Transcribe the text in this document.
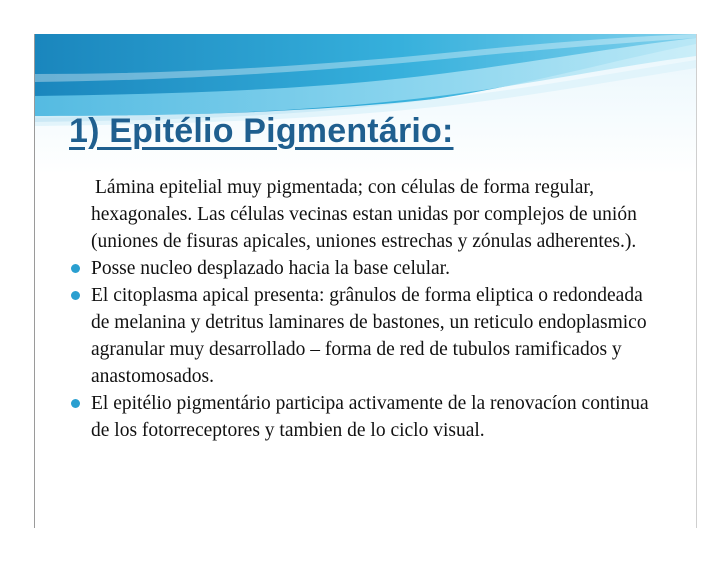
1) Epitélio Pigmentário:

Lámina epitelial muy pigmentada; con células de forma regular, hexagonales. Las células vecinas estan unidas por complejos de unión (uniones de fisuras apicales, uniones estrechas y zónulas adherentes.).

Posse nucleo desplazado hacia la base celular.
El citoplasma apical presenta: grânulos de forma eliptica o redondeada de melanina y detritus laminares de bastones, un reticulo endoplasmico agranular muy desarrollado – forma de red de tubulos ramificados y anastomosados.
El epitélio pigmentário participa activamente de la renovacíon continua de los fotorreceptores y tambien de lo ciclo visual.
